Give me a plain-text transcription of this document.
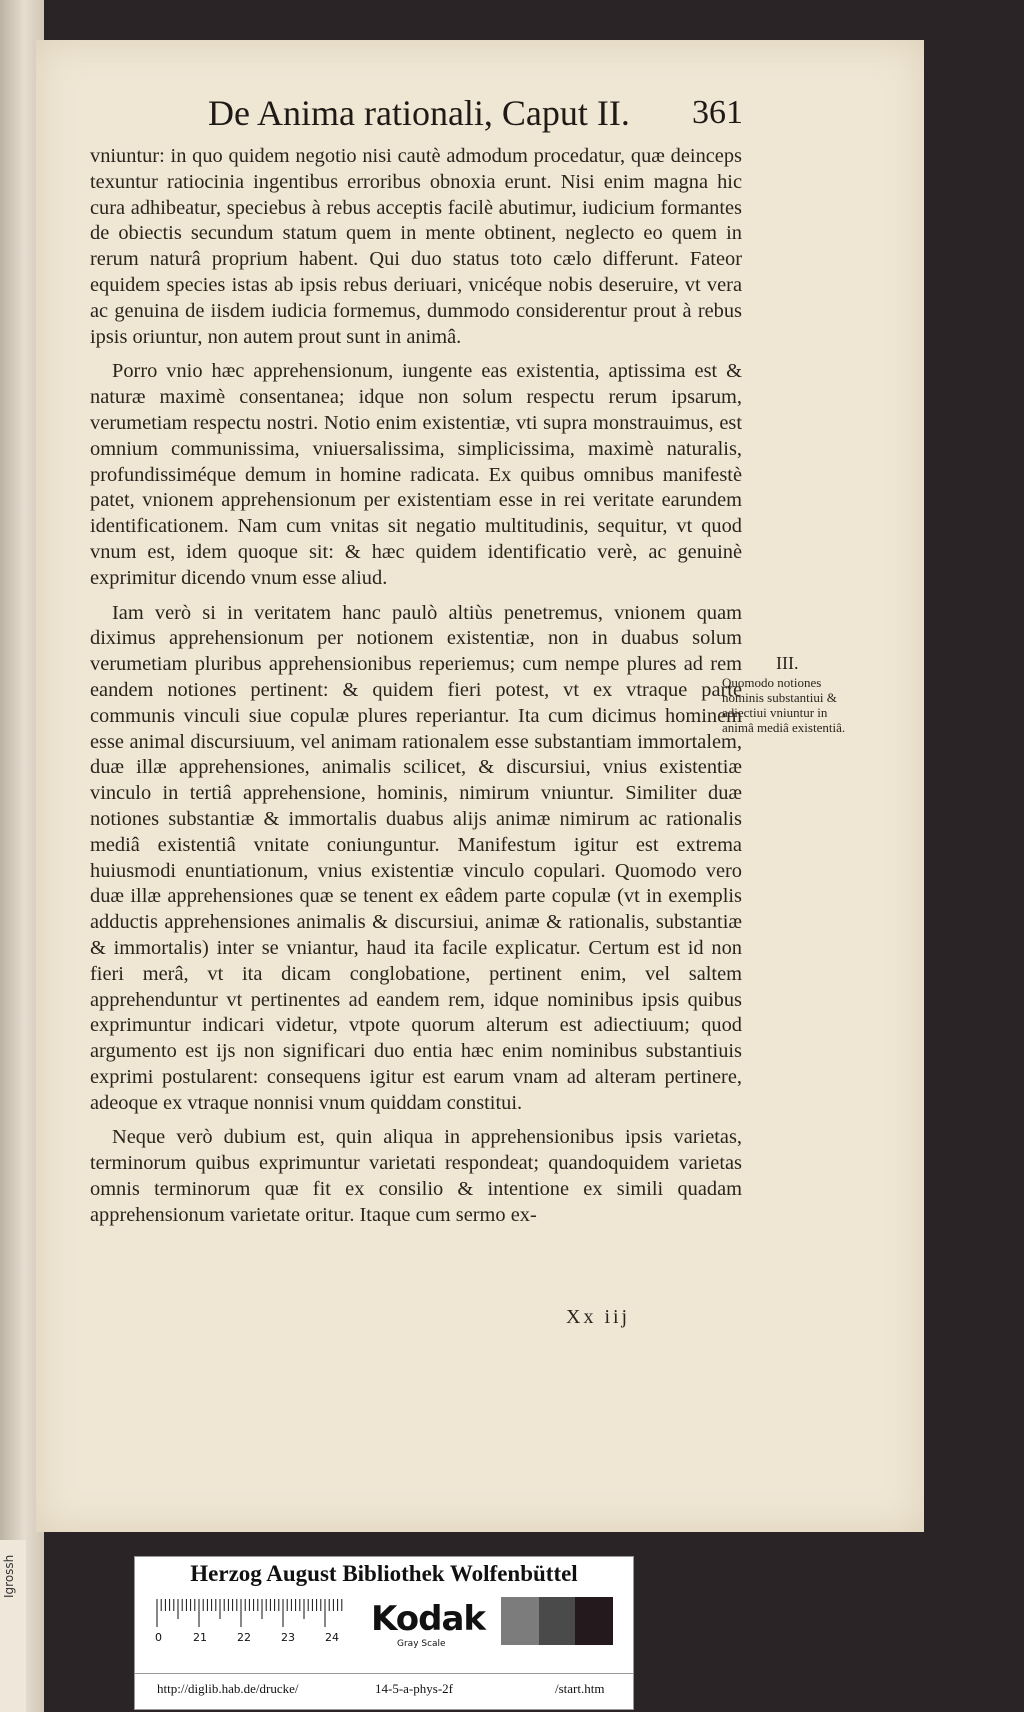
Igrossh
De Anima rationali, Caput II. 361

vniuntur: in quo quidem negotio nisi cautè admodum procedatur, quæ deinceps texuntur ratiocinia ingentibus erroribus obnoxia erunt. Nisi enim magna hic cura adhibeatur, speciebus à rebus acceptis facilè abutimur, iudicium formantes de obiectis secundum statum quem in mente obtinent, neglecto eo quem in rerum naturâ proprium habent. Qui duo status toto cælo differunt. Fateor equidem species istas ab ipsis rebus deriuari, vnicéque nobis deseruire, vt vera ac genuina de iisdem iudicia formemus, dummodo considerentur prout à rebus ipsis oriuntur, non autem prout sunt in animâ.

Porro vnio hæc apprehensionum, iungente eas existentia, aptissima est & naturæ maximè consentanea; idque non solum respectu rerum ipsarum, verumetiam respectu nostri. Notio enim existentiæ, vti supra monstrauimus, est omnium communissima, vniuersalissima, simplicissima, maximè naturalis, profundissiméque demum in homine radicata. Ex quibus omnibus manifestè patet, vnionem apprehensionum per existentiam esse in rei veritate earundem identificationem. Nam cum vnitas sit negatio multitudinis, sequitur, vt quod vnum est, idem quoque sit: & hæc quidem identificatio verè, ac genuinè exprimitur dicendo vnum esse aliud.

Iam verò si in veritatem hanc paulò altiùs penetremus, vnionem quam diximus apprehensionum per notionem existentiæ, non in duabus solum verumetiam pluribus apprehensionibus reperiemus; cum nempe plures ad rem eandem notiones pertinent: & quidem fieri potest, vt ex vtraque parte communis vinculi siue copulæ plures reperiantur. Ita cum dicimus hominem esse animal discursiuum, vel animam rationalem esse substantiam immortalem, duæ illæ apprehensiones, animalis scilicet, & discursiui, vnius existentiæ vinculo in tertiâ apprehensione, hominis, nimirum vniuntur. Similiter duæ notiones substantiæ & immortalis duabus alijs animæ nimirum ac rationalis mediâ existentiâ vnitate coniunguntur. Manifestum igitur est extrema huiusmodi enuntiationum, vnius existentiæ vinculo copulari. Quomodo vero duæ illæ apprehensiones quæ se tenent ex eâdem parte copulæ (vt in exemplis adductis apprehensiones animalis & discursiui, animæ & rationalis, substantiæ & immortalis) inter se vniantur, haud ita facile explicatur. Certum est id non fieri merâ, vt ita dicam conglobatione, pertinent enim, vel saltem apprehenduntur vt pertinentes ad eandem rem, idque nominibus ipsis quibus exprimuntur indicari videtur, vtpote quorum alterum est adiectiuum; quod argumento est ijs non significari duo entia hæc enim nominibus substantiuis exprimi postularent: consequens igitur est earum vnam ad alteram pertinere, adeoque ex vtraque nonnisi vnum quiddam constitui.

Neque verò dubium est, quin aliqua in apprehensionibus ipsis varietas, terminorum quibus exprimuntur varietati respondeat; quandoquidem varietas omnis terminorum quæ fit ex consilio & intentione ex simili quadam apprehensionum varietate oritur. Itaque cum sermo ex-

III.
Quomodo notiones nominis substantiui & adiectiui vniuntur in animâ mediâ existentiâ.
Xx iij
Herzog August Bibliothek Wolfenbüttel
0	21	22	23	24 Kodak
Gray Scale
http://diglib.hab.de/drucke/	14-5-a-phys-2f	/start.htm
